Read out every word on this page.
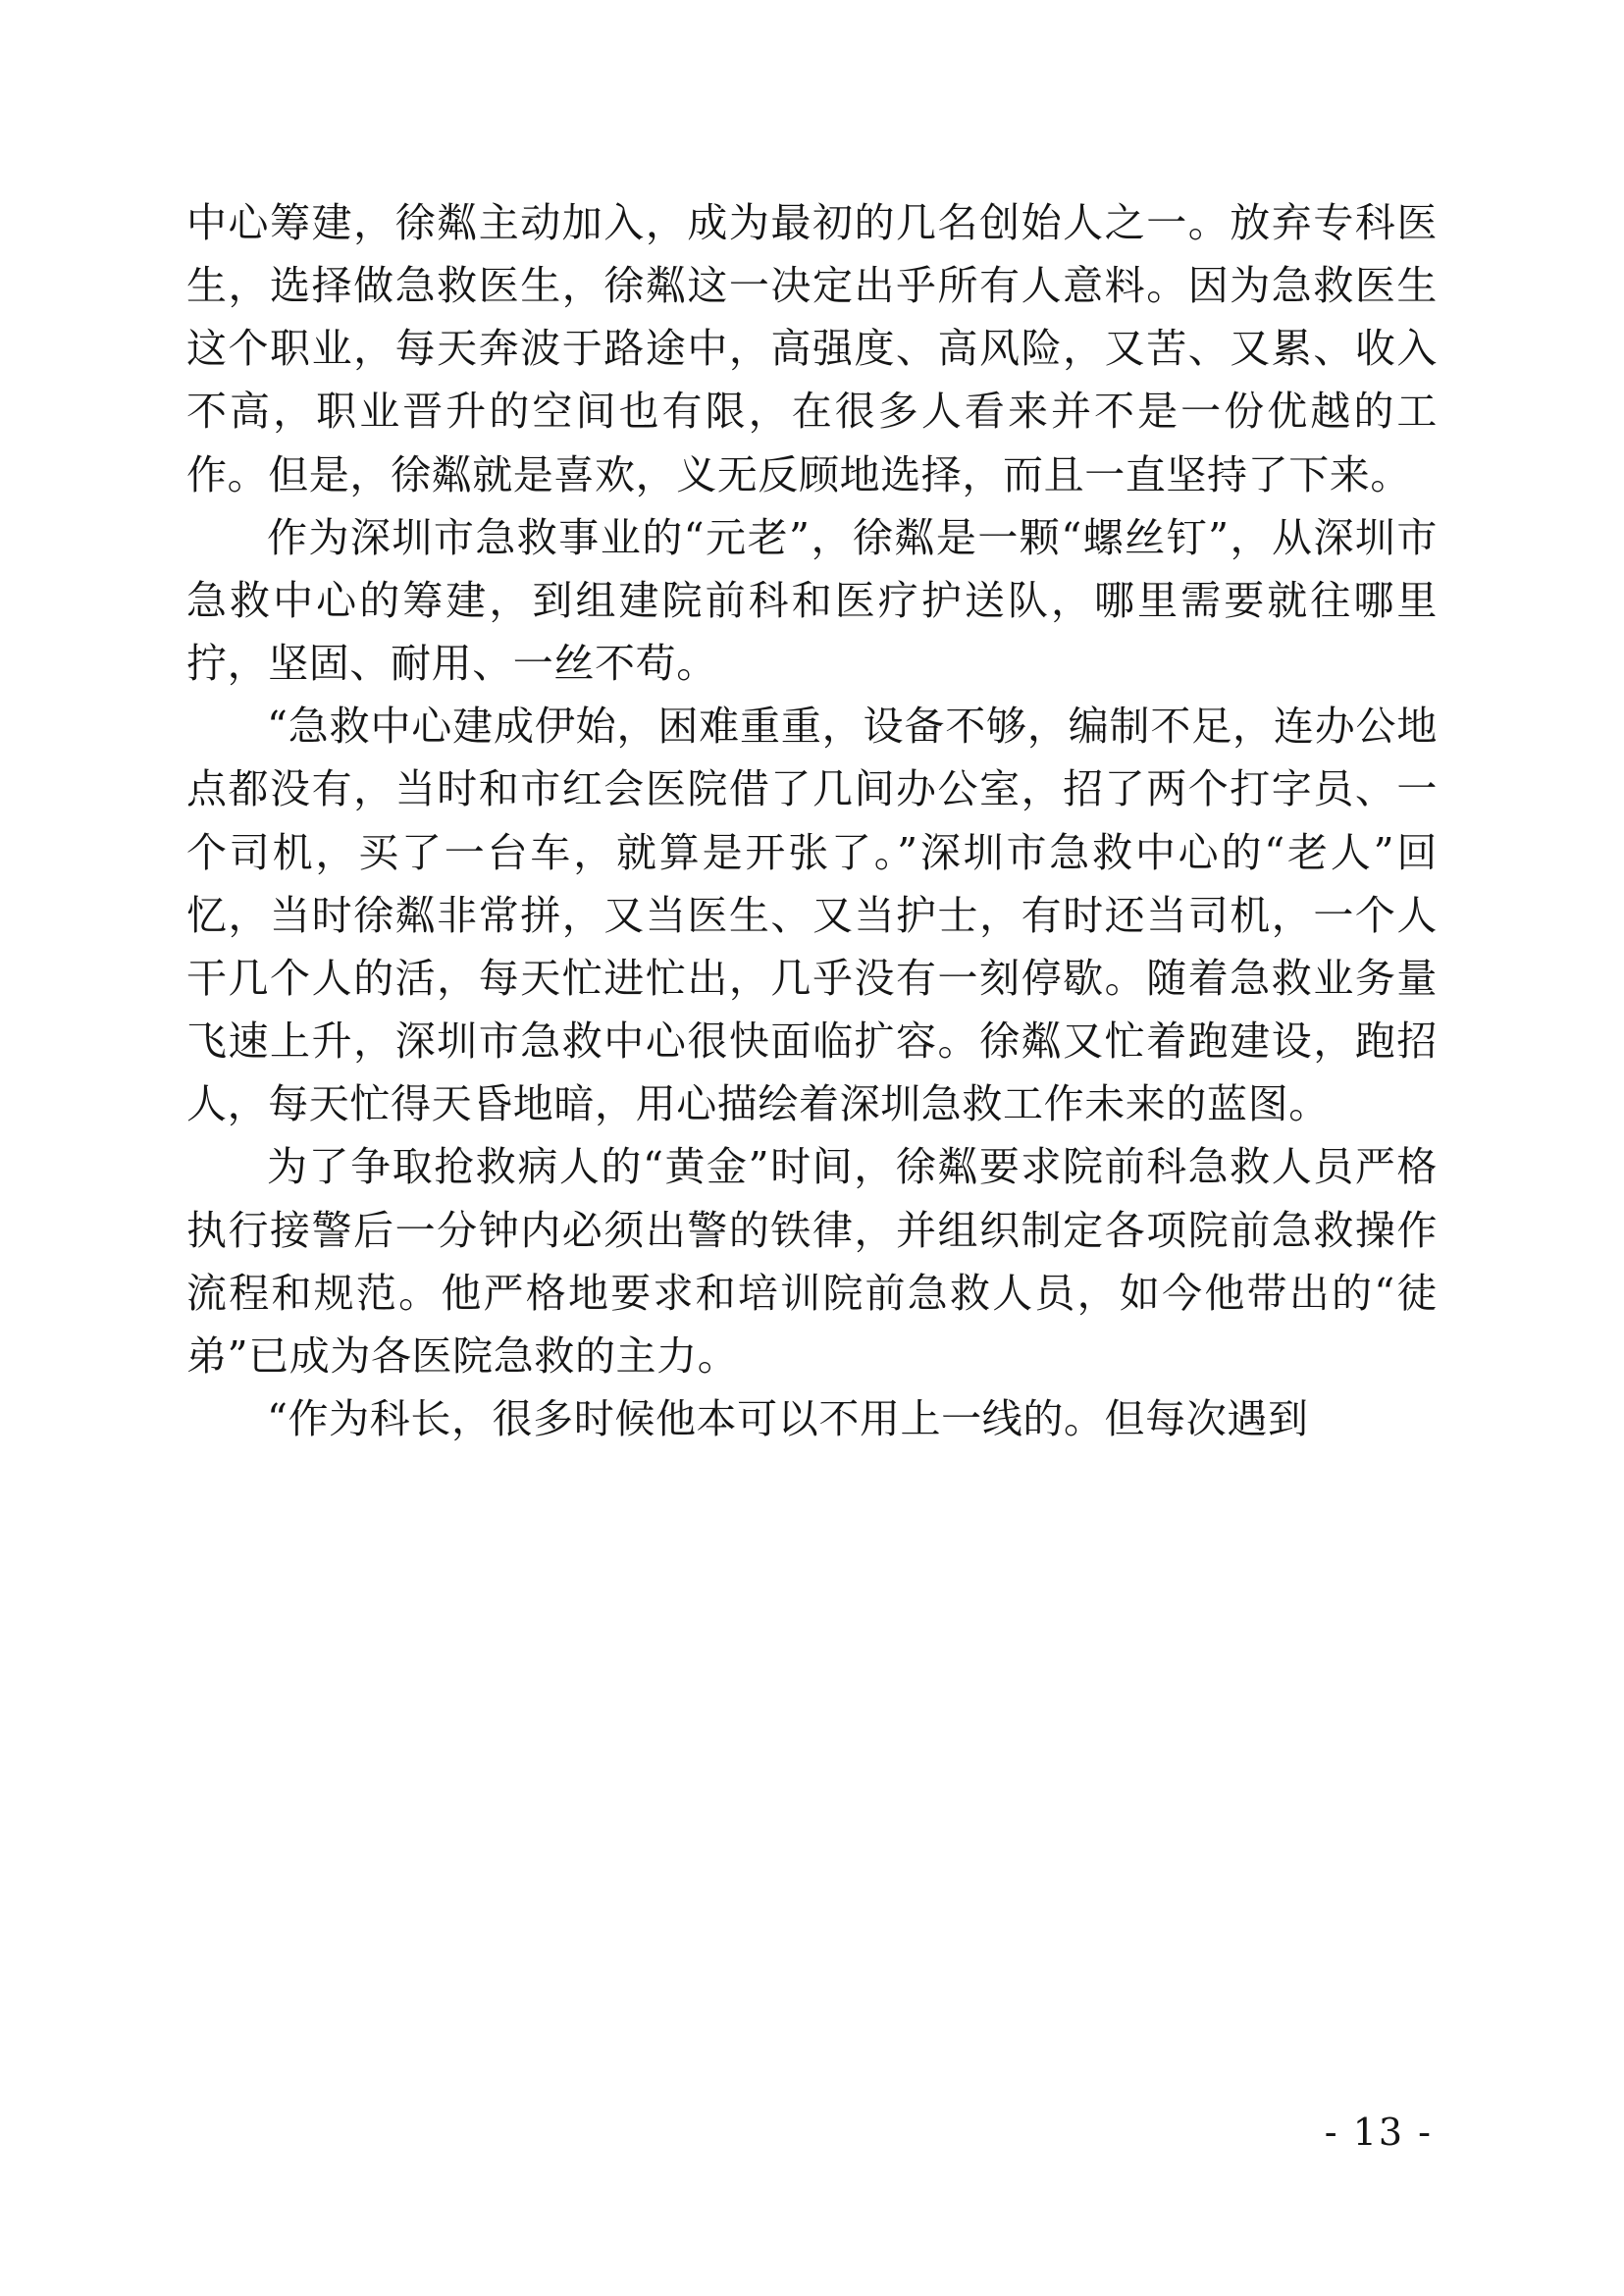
中心筹建，徐粼主动加入，成为最初的几名创始人之一。放弃专科医生，选择做急救医生，徐粼这一决定出乎所有人意料。因为急救医生这个职业，每天奔波于路途中，高强度、高风险，又苦、又累、收入不高，职业晋升的空间也有限，在很多人看来并不是一份优越的工作。但是，徐粼就是喜欢，义无反顾地选择，而且一直坚持了下来。

作为深圳市急救事业的“元老”，徐粼是一颗“螺丝钉”，从深圳市急救中心的筹建，到组建院前科和医疗护送队，哪里需要就往哪里拧，坚固、耐用、一丝不苟。

“急救中心建成伊始，困难重重，设备不够，编制不足，连办公地点都没有，当时和市红会医院借了几间办公室，招了两个打字员、一个司机，买了一台车，就算是开张了。”深圳市急救中心的“老人”回忆，当时徐粼非常拼，又当医生、又当护士，有时还当司机，一个人干几个人的活，每天忙进忙出，几乎没有一刻停歇。随着急救业务量飞速上升，深圳市急救中心很快面临扩容。徐粼又忙着跑建设，跑招人，每天忙得天昏地暗，用心描绘着深圳急救工作未来的蓝图。

为了争取抢救病人的“黄金”时间，徐粼要求院前科急救人员严格执行接警后一分钟内必须出警的铁律，并组织制定各项院前急救操作流程和规范。他严格地要求和培训院前急救人员，如今他带出的“徒弟”已成为各医院急救的主力。

“作为科长，很多时候他本可以不用上一线的。但每次遇到

- 13 -
